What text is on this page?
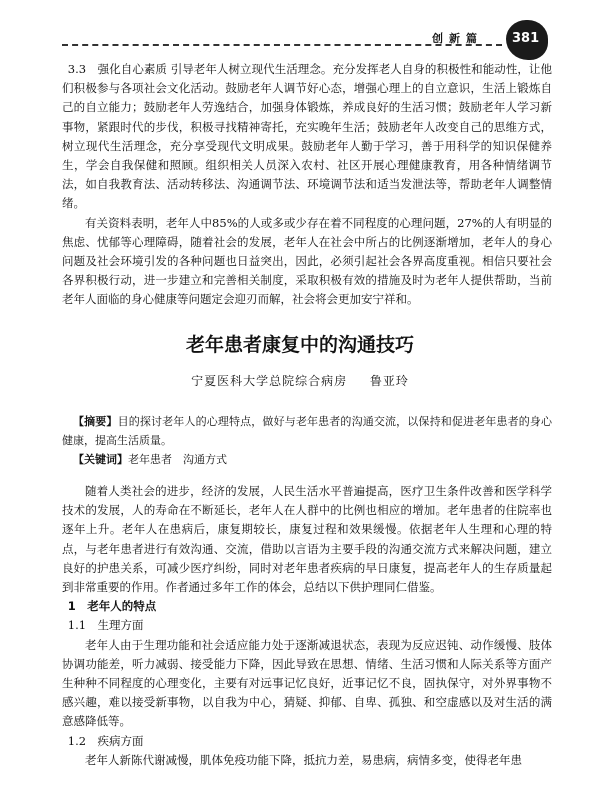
创新篇 381

3.3　强化自心素质 引导老年人树立现代生活理念。充分发挥老人自身的积极性和能动性，让他们积极参与各项社会文化活动。鼓励老年人调节好心态，增强心理上的自立意识，生活上锻炼自己的自立能力；鼓励老年人劳逸结合，加强身体锻炼，养成良好的生活习惯；鼓励老年人学习新事物，紧跟时代的步伐，积极寻找精神寄托，充实晚年生活；鼓励老年人改变自己的思维方式，树立现代生活理念，充分享受现代文明成果。鼓励老年人勤于学习，善于用科学的知识保健养生，学会自我保健和照顾。组织相关人员深入农村、社区开展心理健康教育，用各种情绪调节法，如自我教育法、活动转移法、沟通调节法、环境调节法和适当发泄法等，帮助老年人调整情绪。

有关资料表明，老年人中85%的人或多或少存在着不同程度的心理问题，27%的人有明显的焦虑、忧郁等心理障碍，随着社会的发展，老年人在社会中所占的比例逐渐增加，老年人的身心问题及社会环境引发的各种问题也日益突出，因此，必须引起社会各界高度重视。相信只要社会各界积极行动，进一步建立和完善相关制度，采取积极有效的措施及时为老年人提供帮助，当前老年人面临的身心健康等问题定会迎刃而解，社会将会更加安宁祥和。

老年患者康复中的沟通技巧
宁夏医科大学总院综合病房 鲁亚玲

【摘要】目的探讨老年人的心理特点，做好与老年患者的沟通交流，以保持和促进老年患者的身心健康，提高生活质量。

【关键词】老年患者　沟通方式

随着人类社会的进步，经济的发展，人民生活水平普遍提高，医疗卫生条件改善和医学科学技术的发展，人的寿命在不断延长，老年人在人群中的比例也相应的增加。老年患者的住院率也逐年上升。老年人在患病后，康复期较长，康复过程和效果缓慢。依据老年人生理和心理的特点，与老年患者进行有效沟通、交流，借助以言语为主要手段的沟通交流方式来解决问题，建立良好的护患关系，可减少医疗纠纷，同时对老年患者疾病的早日康复，提高老年人的生存质量起到非常重要的作用。作者通过多年工作的体会，总结以下供护理同仁借鉴。

1　老年人的特点

1.1　生理方面

老年人由于生理功能和社会适应能力处于逐渐减退状态，表现为反应迟钝、动作缓慢、肢体协调功能差，听力减弱、接受能力下降，因此导致在思想、情绪、生活习惯和人际关系等方面产生种种不同程度的心理变化，主要有对远事记忆良好，近事记忆不良，固执保守，对外界事物不感兴趣，难以接受新事物，以自我为中心，猜疑、抑郁、自卑、孤独、和空虚感以及对生活的满意感降低等。

1.2　疾病方面

老年人新陈代谢减慢，肌体免疫功能下降，抵抗力差，易患病，病情多变，使得老年患
